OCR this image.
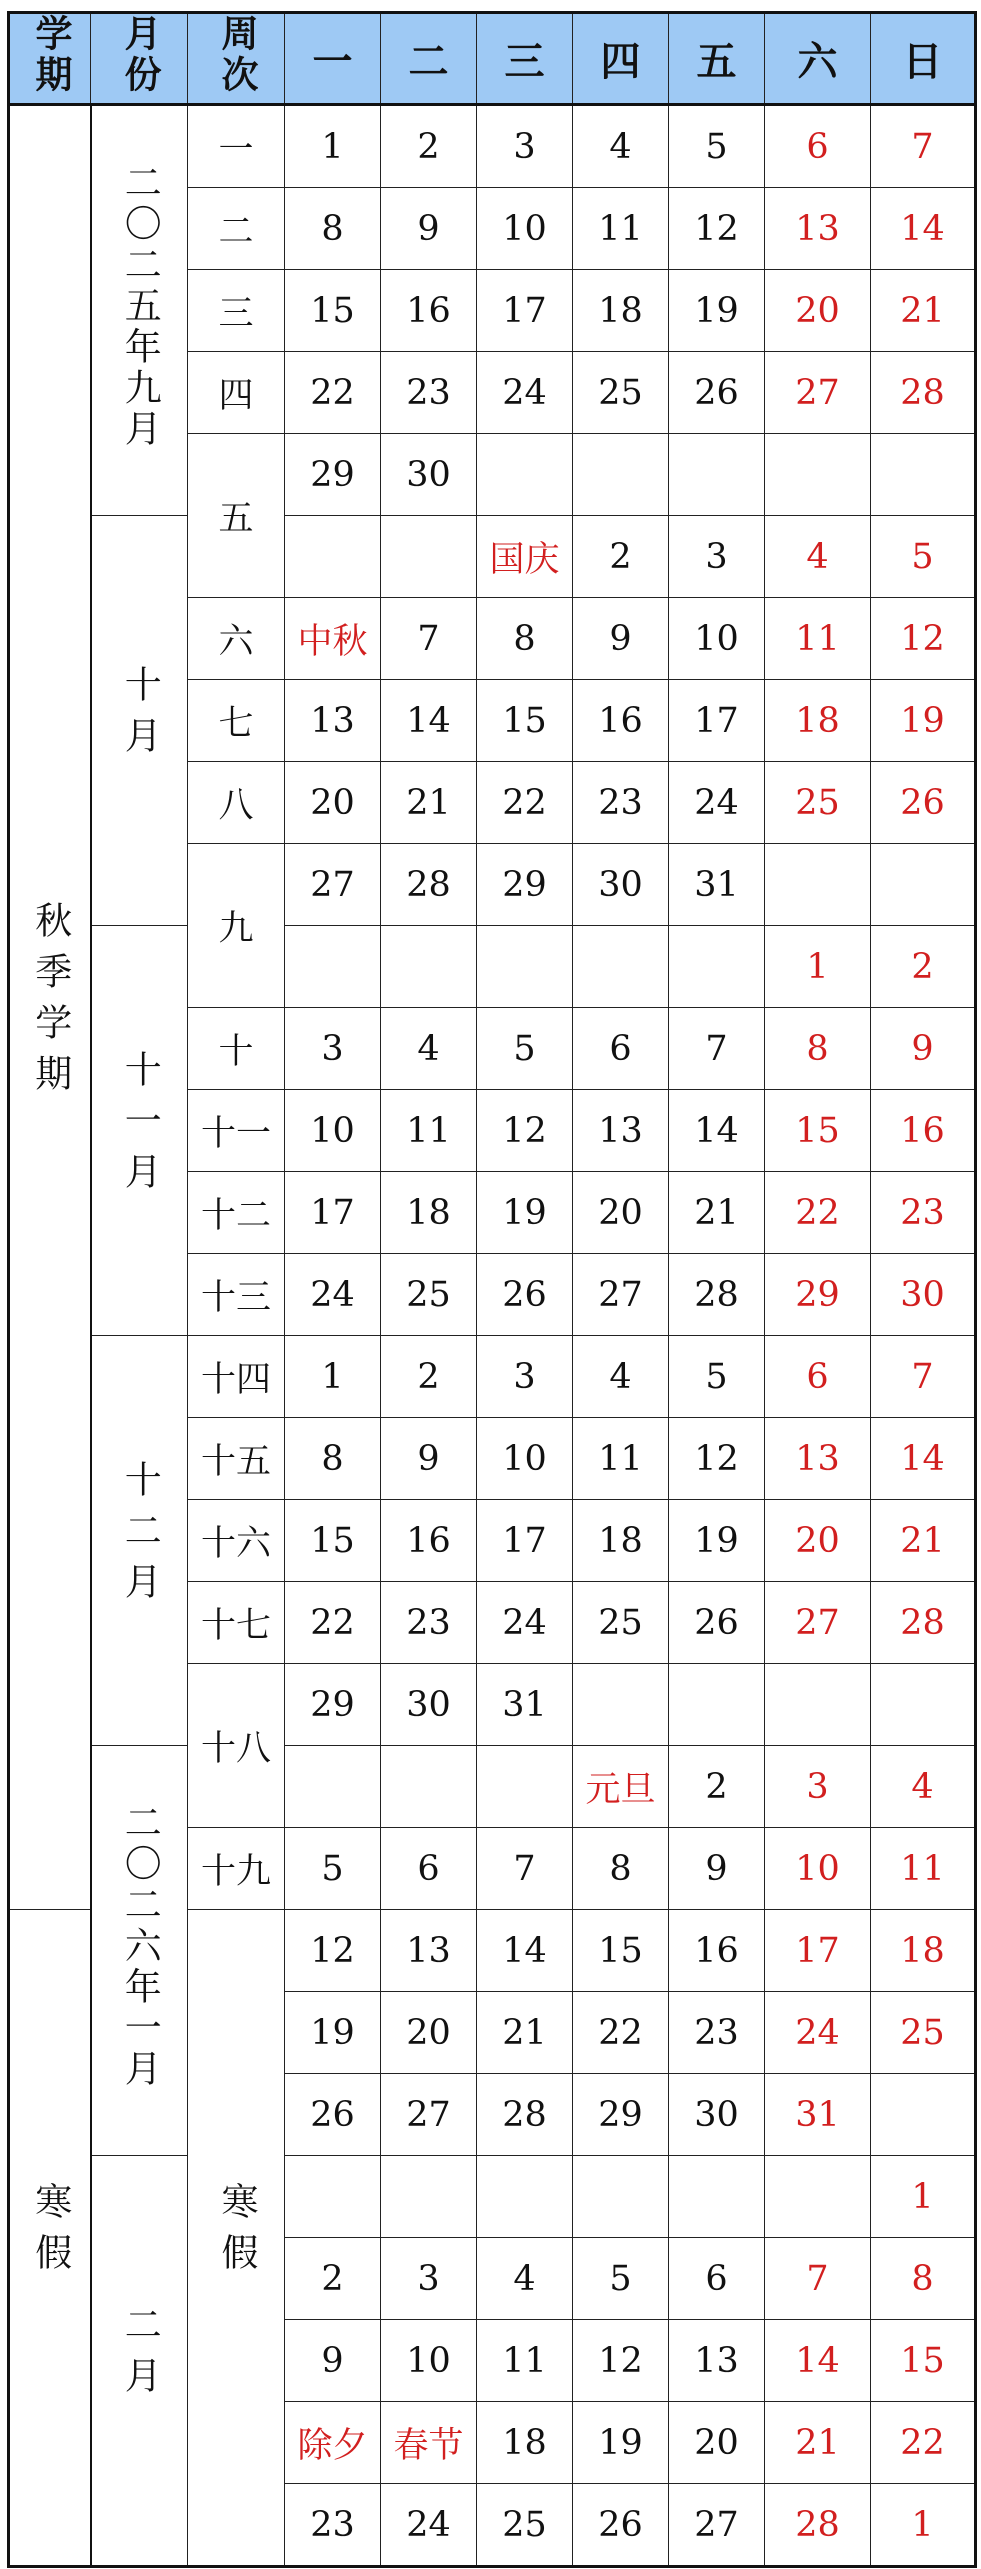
学期	月份	周次	一	二	三	四	五	六	日
秋季学期	二〇二五年九月	一	1	2	3	4	5	6	7
		二	8	9	10	11	12	13	14
		三	15	16	17	18	19	20	21
		四	22	23	24	25	26	27	28
		五	29	30					
	十月				国庆	2	3	4	5
		六	中秋	7	8	9	10	11	12
		七	13	14	15	16	17	18	19
		八	20	21	22	23	24	25	26
		九	27	28	29	30	31		
	十一月							1	2
		十	3	4	5	6	7	8	9
		十一	10	11	12	13	14	15	16
		十二	17	18	19	20	21	22	23
		十三	24	25	26	27	28	29	30
	十二月	十四	1	2	3	4	5	6	7
		十五	8	9	10	11	12	13	14
		十六	15	16	17	18	19	20	21
		十七	22	23	24	25	26	27	28
		十八	29	30	31				
	二〇二六年一月					元旦	2	3	4
		十九	5	6	7	8	9	10	11
寒假		寒假	12	13	14	15	16	17	18
			19	20	21	22	23	24	25
			26	27	28	29	30	31	
	二月								1
			2	3	4	5	6	7	8
			9	10	11	12	13	14	15
			除夕	春节	18	19	20	21	22
			23	24	25	26	27	28	1
